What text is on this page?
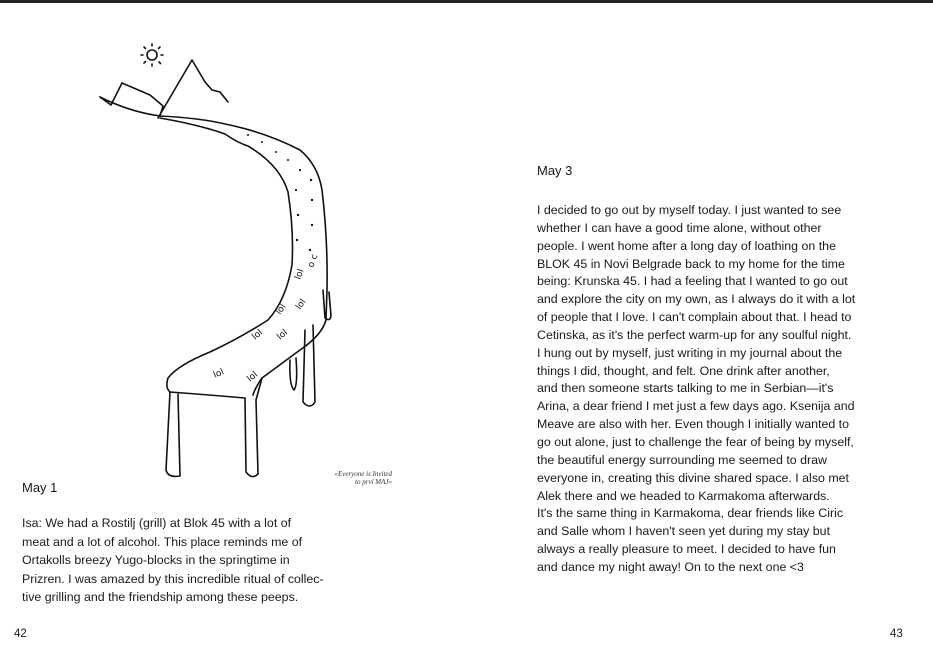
lol
o c
lol lol
lol lol
lol lol
«Everyone is Invited
to prvi MAJ»
May 1
Isa: We had a Rostilj (grill) at Blok 45 with a lot of
meat and a lot of alcohol. This place reminds me of
Ortakolls breezy Yugo-blocks in the springtime in
Prizren. I was amazed by this incredible ritual of collec-
tive grilling and the friendship among these peeps.
42
May 3
I decided to go out by myself today. I just wanted to see
whether I can have a good time alone, without other
people. I went home after a long day of loathing on the
BLOK 45 in Novi Belgrade back to my home for the time
being: Krunska 45. I had a feeling that I wanted to go out
and explore the city on my own, as I always do it with a lot
of people that I love. I can't complain about that. I head to
Cetinska, as it's the perfect warm-up for any soulful night.
I hung out by myself, just writing in my journal about the
things I did, thought, and felt. One drink after another,
and then someone starts talking to me in Serbian—it's
Arina, a dear friend I met just a few days ago. Ksenija and
Meave are also with her. Even though I initially wanted to
go out alone, just to challenge the fear of being by myself,
the beautiful energy surrounding me seemed to draw
everyone in, creating this divine shared space. I also met
Alek there and we headed to Karmakoma afterwards.
It's the same thing in Karmakoma, dear friends like Ciric
and Salle whom I haven't seen yet during my stay but
always a really pleasure to meet. I decided to have fun
and dance my night away! On to the next one <3
43
